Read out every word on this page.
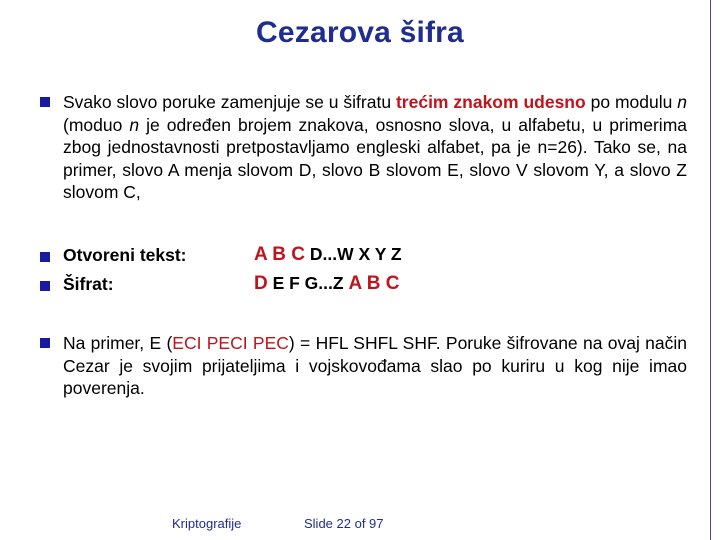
Cezarova šifra
Svako slovo poruke zamenjuje se u šifratu trećim znakom udesno po modulu n (moduo n je određen brojem znakova, osnosno slova, u alfabetu, u primerima zbog jednostavnosti pretpostavljamo engleski alfabet, pa je n=26). Tako se, na primer, slovo A menja slovom D, slovo B slovom E, slovo V slovom Y, a slovo Z slovom C,
Otvoreni tekst:	A B C D...W X Y Z
Šifrat:	D E F G...Z A B C
Na primer, E (ECI PECI PEC) = HFL SHFL SHF. Poruke šifrovane na ovaj način Cezar je svojim prijateljima i vojskovođama slao po kuriru u kog nije imao poverenja.
Kriptografije	Slide 22 of 97
